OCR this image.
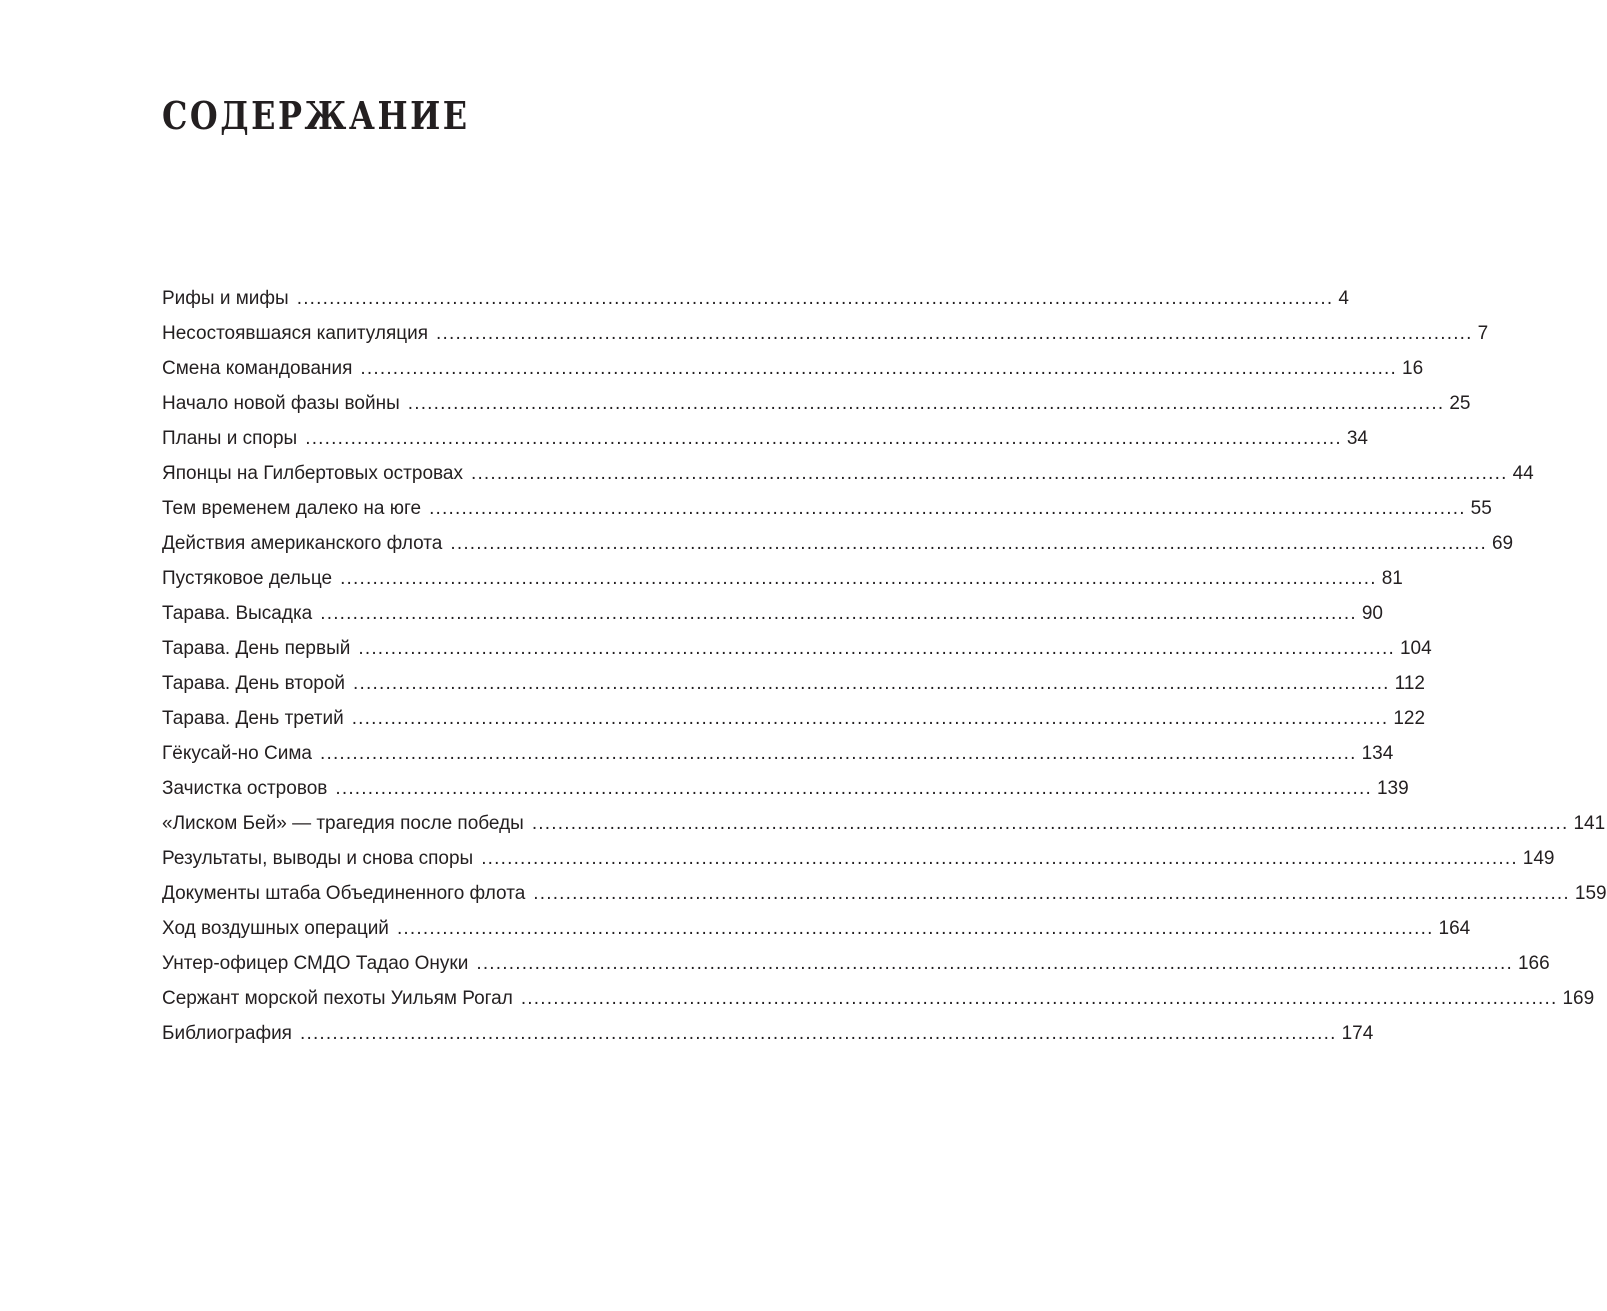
СОДЕРЖАНИЕ
Рифы и мифы ................................................................................................................................................................ 4
Несостоявшаяся капитуляция ................................................................................................................................................................ 7
Смена командования ................................................................................................................................................................ 16
Начало новой фазы войны ................................................................................................................................................................ 25
Планы и споры ................................................................................................................................................................ 34
Японцы на Гилбертовых островах ................................................................................................................................................................ 44
Тем временем далеко на юге ................................................................................................................................................................ 55
Действия американского флота ................................................................................................................................................................ 69
Пустяковое дельце ................................................................................................................................................................ 81
Тарава. Высадка ................................................................................................................................................................ 90
Тарава. День первый ................................................................................................................................................................ 104
Тарава. День второй ................................................................................................................................................................ 112
Тарава. День третий ................................................................................................................................................................ 122
Гёкусай-но Сима ................................................................................................................................................................ 134
Зачистка островов ................................................................................................................................................................ 139
«Лиском Бей» — трагедия после победы ................................................................................................................................................................ 141
Результаты, выводы и снова споры ................................................................................................................................................................ 149
Документы штаба Объединенного флота ................................................................................................................................................................ 159
Ход воздушных операций ................................................................................................................................................................ 164
Унтер-офицер СМДО Тадао Онуки ................................................................................................................................................................ 166
Сержант морской пехоты Уильям Рогал ................................................................................................................................................................ 169
Библиография ................................................................................................................................................................ 174
